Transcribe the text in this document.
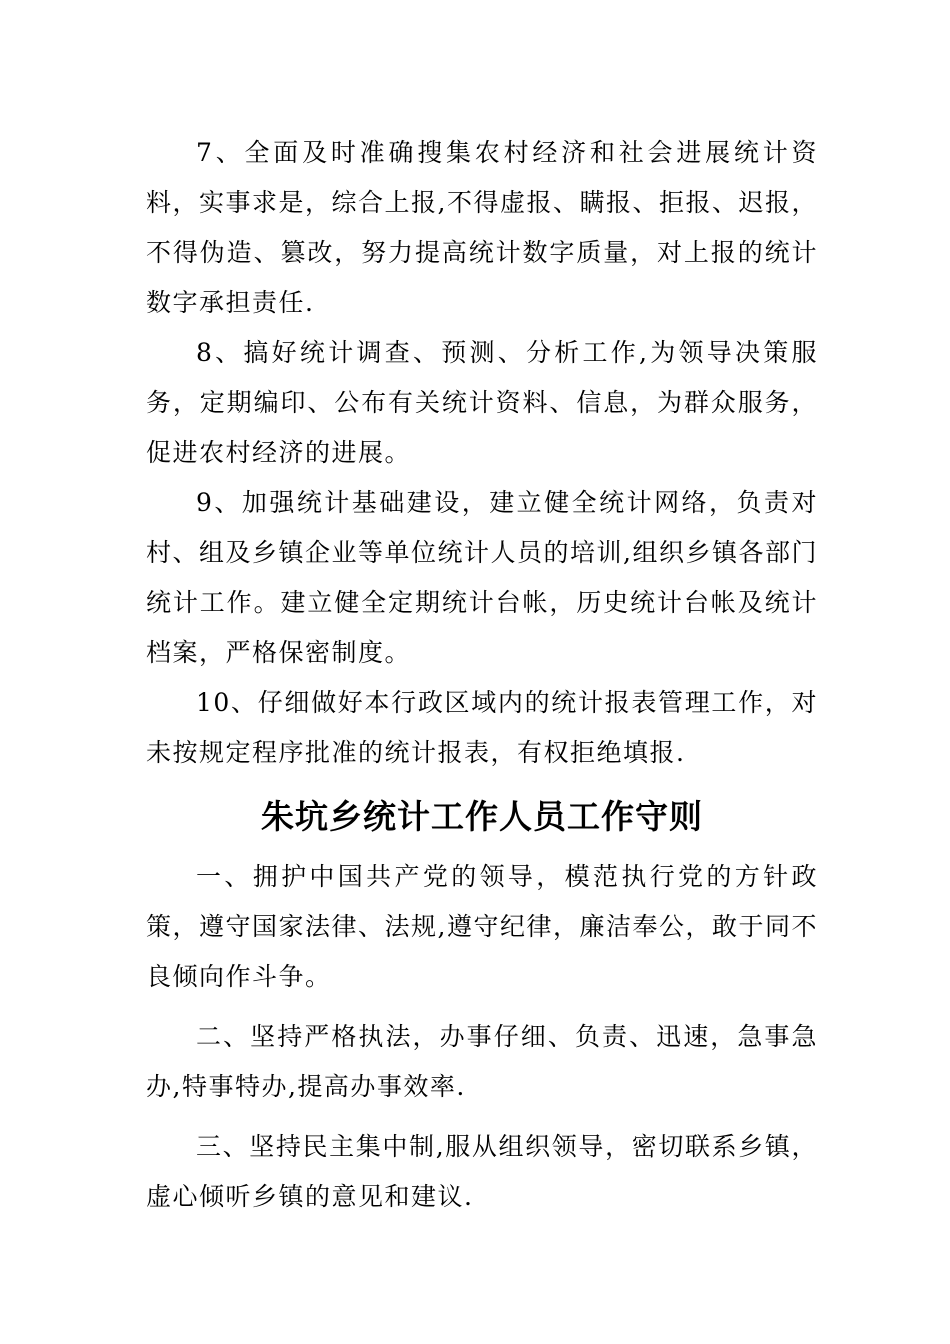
7、全面及时准确搜集农村经济和社会进展统计资料，实事求是，综合上报,不得虚报、瞒报、拒报、迟报，不得伪造、篡改，努力提高统计数字质量，对上报的统计数字承担责任.

8、搞好统计调查、预测、分析工作,为领导决策服务，定期编印、公布有关统计资料、信息，为群众服务，促进农村经济的进展。

9、加强统计基础建设，建立健全统计网络，负责对村、组及乡镇企业等单位统计人员的培训,组织乡镇各部门统计工作。建立健全定期统计台帐，历史统计台帐及统计档案，严格保密制度。

10、仔细做好本行政区域内的统计报表管理工作，对未按规定程序批准的统计报表，有权拒绝填报.

朱坑乡统计工作人员工作守则

一、拥护中国共产党的领导，模范执行党的方针政策，遵守国家法律、法规,遵守纪律，廉洁奉公，敢于同不良倾向作斗争。

二、坚持严格执法，办事仔细、负责、迅速，急事急办,特事特办,提高办事效率.

三、坚持民主集中制,服从组织领导，密切联系乡镇，虚心倾听乡镇的意见和建议.
